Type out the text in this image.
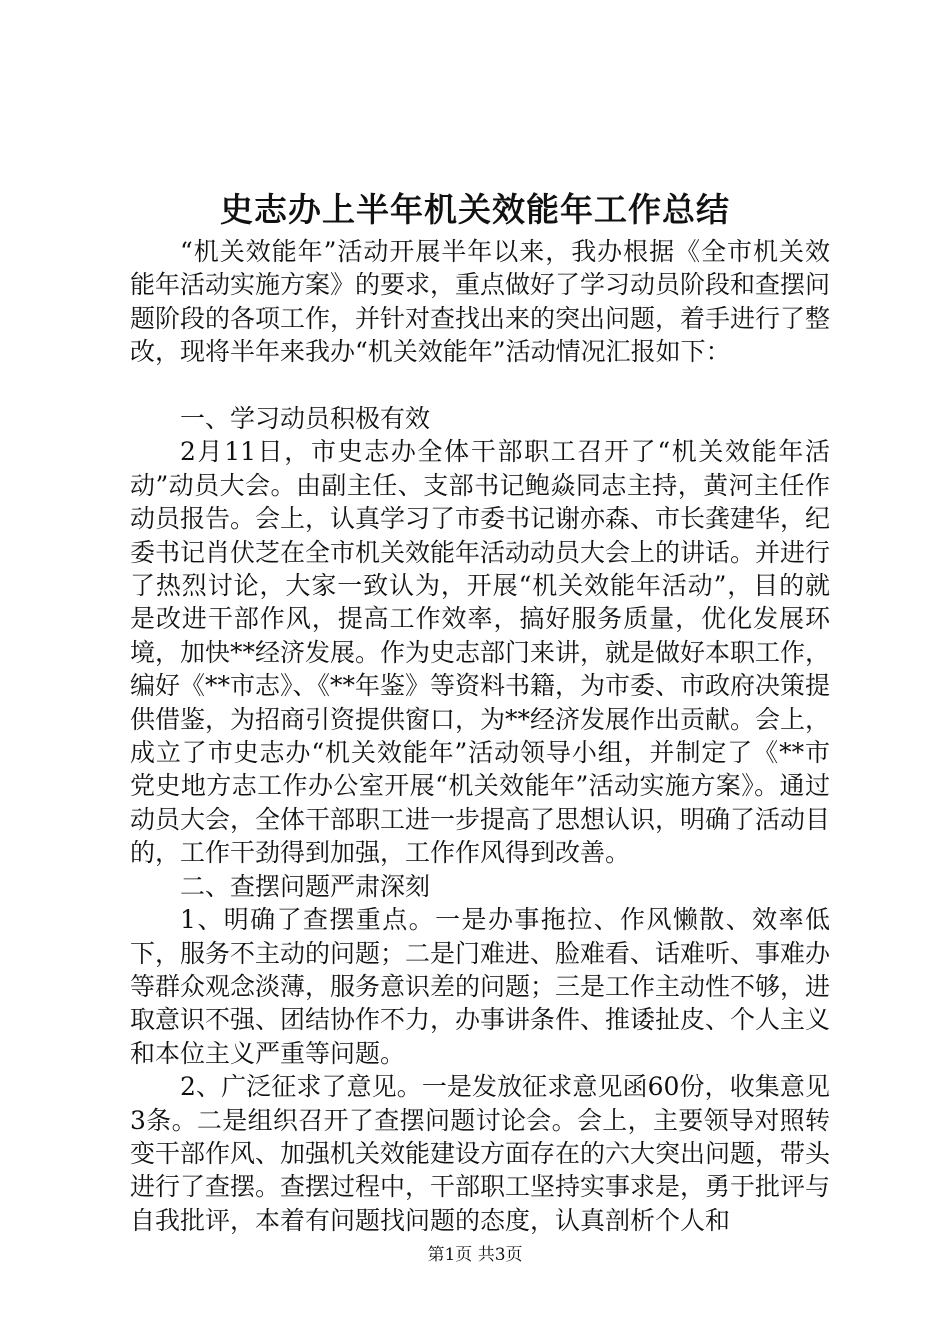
史志办上半年机关效能年工作总结

“机关效能年”活动开展半年以来，我办根据《全市机关效能年活动实施方案》的要求，重点做好了学习动员阶段和查摆问题阶段的各项工作，并针对查找出来的突出问题，着手进行了整改，现将半年来我办“机关效能年”活动情况汇报如下：

一、学习动员积极有效

2月11日，市史志办全体干部职工召开了“机关效能年活动”动员大会。由副主任、支部书记鲍焱同志主持，黄河主任作动员报告。会上，认真学习了市委书记谢亦森、市长龚建华，纪委书记肖伏芝在全市机关效能年活动动员大会上的讲话。并进行了热烈讨论，大家一致认为，开展“机关效能年活动”，目的就是改进干部作风，提高工作效率，搞好服务质量，优化发展环境，加快**经济发展。作为史志部门来讲，就是做好本职工作，编好《**市志》、《**年鉴》等资料书籍，为市委、市政府决策提供借鉴，为招商引资提供窗口，为**经济发展作出贡献。会上，成立了市史志办“机关效能年”活动领导小组，并制定了《**市党史地方志工作办公室开展“机关效能年”活动实施方案》。通过动员大会，全体干部职工进一步提高了思想认识，明确了活动目的，工作干劲得到加强，工作作风得到改善。

二、查摆问题严肃深刻

1、明确了查摆重点。一是办事拖拉、作风懒散、效率低下，服务不主动的问题；二是门难进、脸难看、话难听、事难办等群众观念淡薄，服务意识差的问题；三是工作主动性不够，进取意识不强、团结协作不力，办事讲条件、推诿扯皮、个人主义和本位主义严重等问题。

2、广泛征求了意见。一是发放征求意见函60份，收集意见3条。二是组织召开了查摆问题讨论会。会上，主要领导对照转变干部作风、加强机关效能建设方面存在的六大突出问题，带头进行了查摆。查摆过程中，干部职工坚持实事求是，勇于批评与自我批评，本着有问题找问题的态度，认真剖析个人和

第1页 共3页
